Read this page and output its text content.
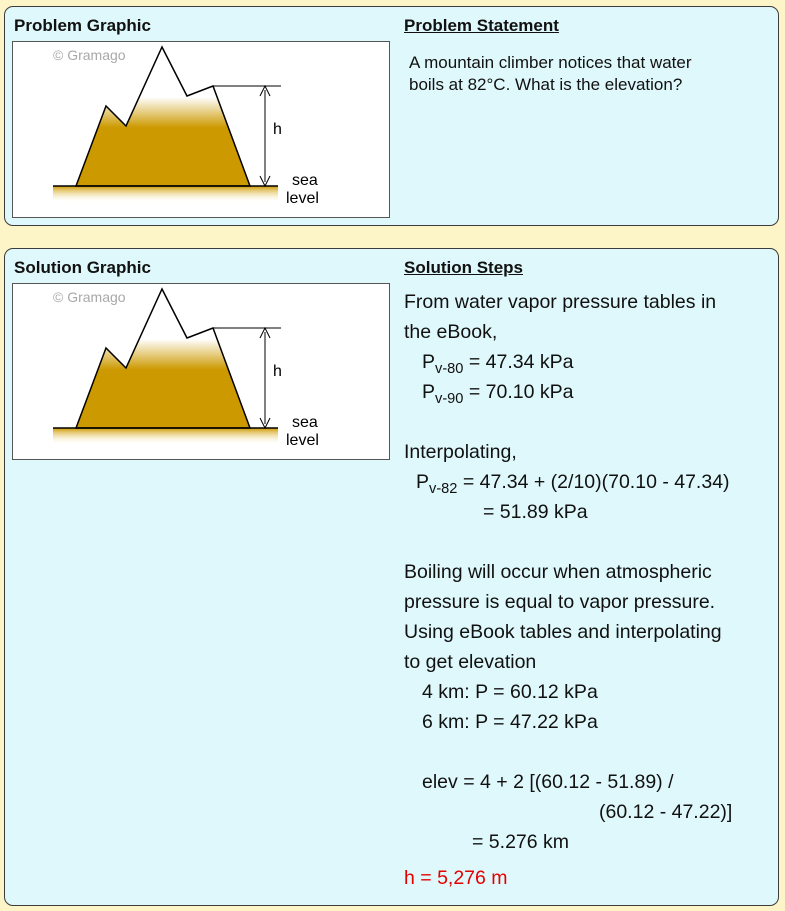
Problem Graphic	Problem Statement
© Gramago
h
sea
level
A mountain climber notices that water
boils at 82°C. What is the elevation?
Solution Graphic	Solution Steps
© Gramago
h
sea
level
From water vapor pressure tables in
the eBook,
$P_{v-80} = 47.34$ kPa
$P_{v-90} = 70.10$ kPa
Interpolating,
$P_{v-82} = 47.34 + (2/10)(70.10 - 47.34)$
= 51.89 kPa
Boiling will occur when atmospheric
pressure is equal to vapor pressure.
Using eBook tables and interpolating
to get elevation
4 km: P = 60.12 kPa
6 km: P = 47.22 kPa
elev = 4 + 2 [(60.12 - 51.89) /
(60.12 - 47.22)]
= 5.276 km
h = 5,276 m
